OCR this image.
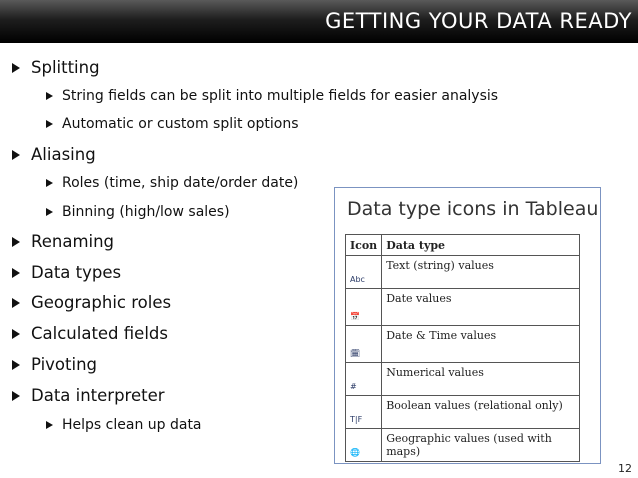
GETTING YOUR DATA READY
Splitting
String fields can be split into multiple fields for easier analysis
Automatic or custom split options
Aliasing
Roles (time, ship date/order date)
Binning (high/low sales)
Renaming
Data types
Geographic roles
Calculated fields
Pivoting
Data interpreter
Helps clean up data
Data type icons in Tableau
Icon	Data type

Abc	Text (string) values

📅	Date values

🗓	Date & Time values

#	Numerical values

T|F	Boolean values (relational only)

🌐	Geographic values (used with maps)
12
